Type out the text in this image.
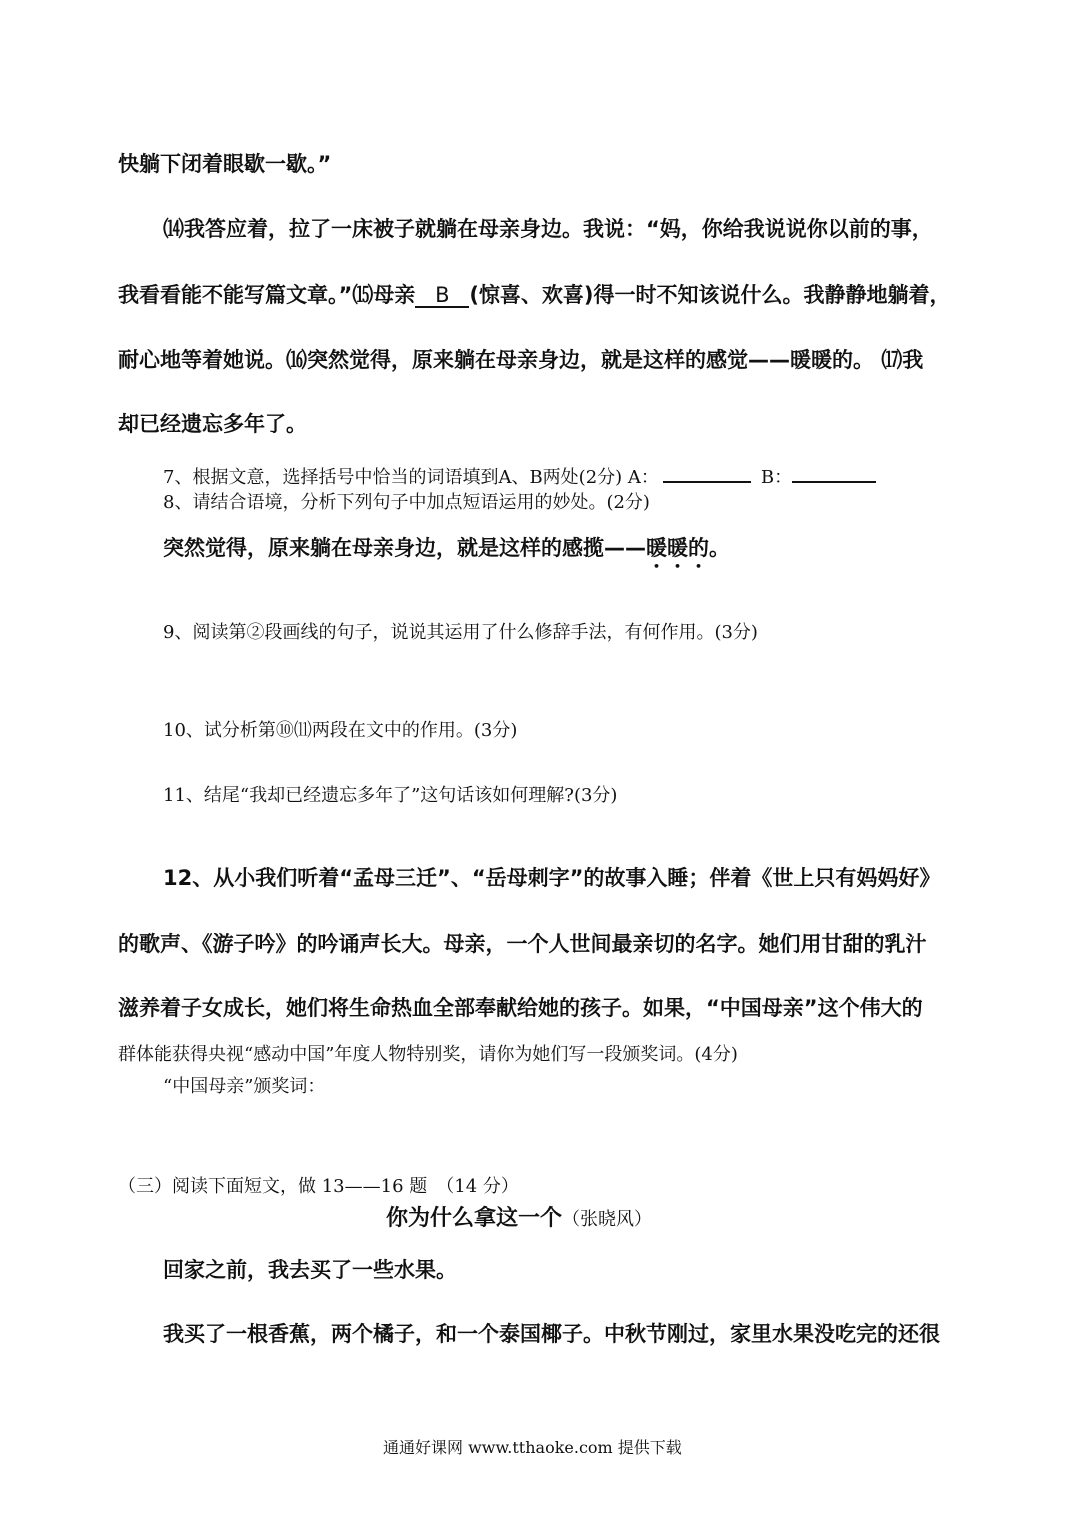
快躺下闭着眼歇一歇。”
⒁我答应着，拉了一床被子就躺在母亲身边。我说：“妈，你给我说说你以前的事，
我看看能不能写篇文章。”⒂母亲 B (惊喜、欢喜)得一时不知该说什么。我静静地躺着，
耐心地等着她说。⒃突然觉得，原来躺在母亲身边，就是这样的感觉——暖暖的。 ⒄我
却已经遗忘多年了。
7、根据文意，选择括号中恰当的词语填到A、B两处(2分) A：	B：
8、请结合语境，分析下列句子中加点短语运用的妙处。(2分)
突然觉得，原来躺在母亲身边，就是这样的感揽——暖暖的。
9、阅读第②段画线的句子，说说其运用了什么修辞手法，有何作用。(3分)
10、试分析第⑩⑾两段在文中的作用。(3分)
11、结尾“我却已经遗忘多年了”这句话该如何理解?(3分)
12、从小我们听着“孟母三迁”、“岳母刺字”的故事入睡；伴着《世上只有妈妈好》
的歌声、《游子吟》的吟诵声长大。母亲，一个人世间最亲切的名字。她们用甘甜的乳汁
滋养着子女成长，她们将生命热血全部奉献给她的孩子。如果，“中国母亲”这个伟大的
群体能获得央视“感动中国”年度人物特别奖，请你为她们写一段颁奖词。(4分)
“中国母亲”颁奖词：
（三）阅读下面短文，做 13——16 题　（14 分）
你为什么拿这一个（张晓风）
回家之前，我去买了一些水果。
我买了一根香蕉，两个橘子，和一个泰国椰子。中秋节刚过，家里水果没吃完的还很
通通好课网 www.tthaoke.com 提供下载
